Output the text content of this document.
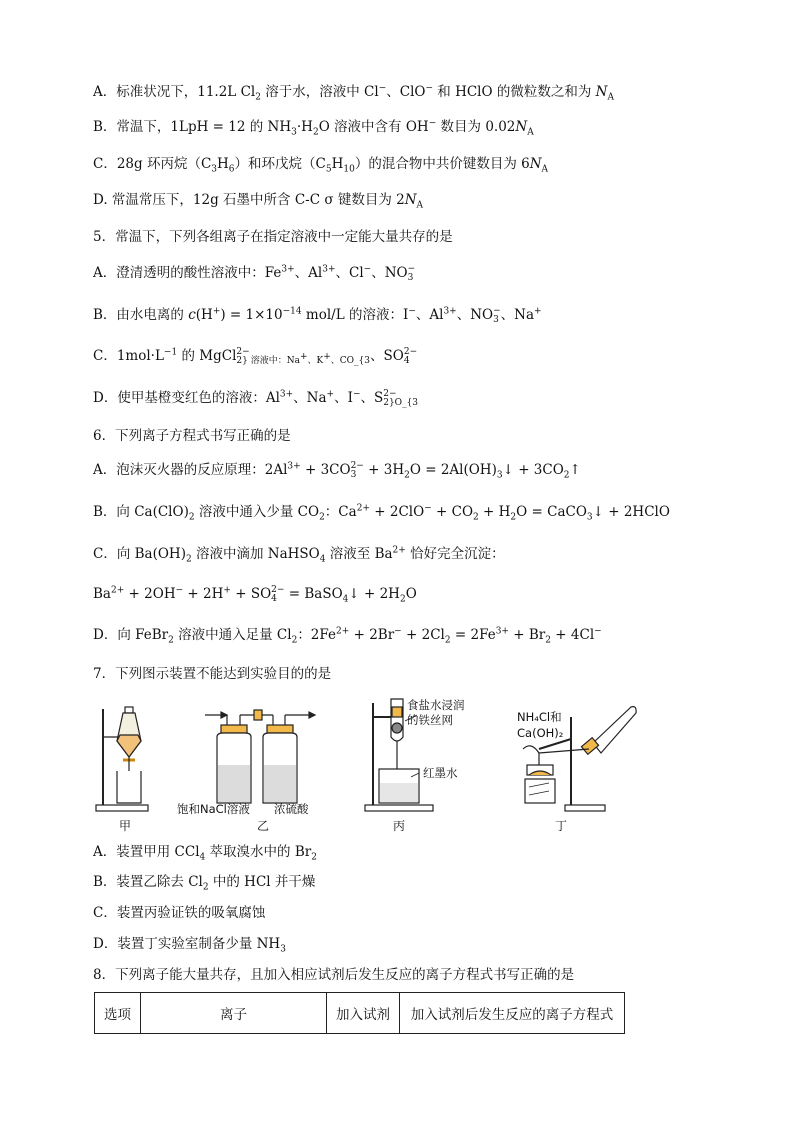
A．标准状况下，11.2L $Cl_2$ 溶于水，溶液中 Cl−、ClO− 和 HClO 的微粒数之和为 $N_A$
B．常温下，1LpH = 12 的 $NH_3\cdot H_2O$ 溶液中含有 OH− 数目为 $0.02N_A$
C．28g 环丙烷$(C_3H_6)$和环戊烷$(C_5H_{10})$的混合物中共价键数目为 $6N_A$
D. 常温常压下，12g 石墨中所含 C-C σ 键数目为 $2N_A$
5．常温下，下列各组离子在指定溶液中一定能大量共存的是
A．澄清透明的酸性溶液中：$Fe^{3+}$、$Al^{3+}$、Cl−、NO −
3
B．由水电离的 $c(H^+) = 1\times 10^{-14}$ mol/L 的溶液：I−、$Al^{3+}$、NO −
3 、Na+
C．$1mol\cdot L^{-1}$ 的 MgCl 2−
2} 溶液中：Na+、K+、CO_{3 、SO 2−
4
D．使甲基橙变红色的溶液：$Al^{3+}$、Na+、I−、S 2−
2}O_{3
6．下列离子方程式书写正确的是
A．泡沫灭火器的反应原理：$2Al^{3+} + 3CO$ 2−
$3 + 3H_2O$ = $2Al(OH)_3↓$ + $3CO_2↑$
B．向 $Ca(ClO)_2$ 溶液中通入少量 $CO_2$：$Ca^{2+} + 2ClO^- + CO_2 + H_2O$ = CaCO$_3$↓ + 2HClO
C．向 $Ba(OH)_2$ 溶液中滴加 NaHSO$_4$ 溶液至 $Ba^{2+}$ 恰好完全沉淀：
$Ba^{2+} + 2OH^- + 2H^+$ + SO 2−
4 = BaSO$_4$↓ + $2H_2O$
D．向 FeBr$_2$ 溶液中通入足量 $Cl_2$：$2Fe^{2+} + 2Br^- + 2Cl_2 = 2Fe^{3+} + Br_2 + 4Cl^-$
7．下列图示装置不能达到实验目的的是
A．装置甲用 CCl$_4$ 萃取溴水中的 $Br_2$
B．装置乙除去 $Cl_2$ 中的 HCl 并干燥
C．装置丙验证铁的吸氧腐蚀
D．装置丁实验室制备少量 $NH_3$
8．下列离子能大量共存，且加入相应试剂后发生反应的离子方程式书写正确的是
甲
饱和NaCl溶液 浓硫酸
乙
食盐水浸润
的铁丝网
红墨水
丙
NH₄Cl和
Ca(OH)₂
丁
选项	离子	加入试剂	加入试剂后发生反应的离子方程式
